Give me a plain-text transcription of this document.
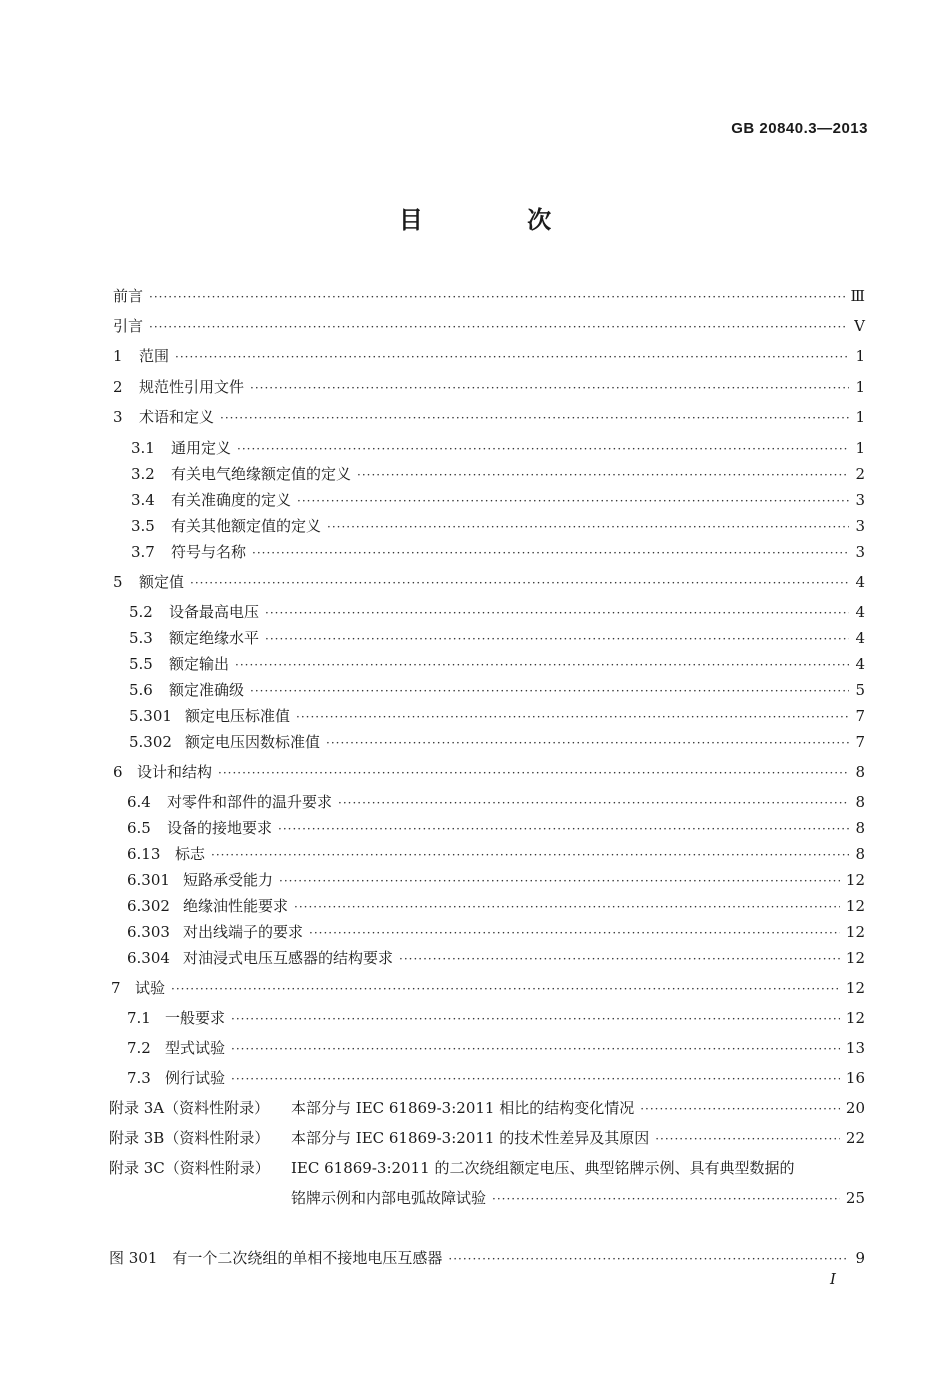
GB 20840.3—2013
目 次
前言 ·····	Ⅲ
引言 ·····	Ⅴ
1	范围 ·····	1
2	规范性引用文件 ·····	1
3	术语和定义 ·····	1
3.1	通用定义 ·····	1
3.2	有关电气绝缘额定值的定义 ·····	2
3.4	有关准确度的定义 ·····	3
3.5	有关其他额定值的定义 ·····	3
3.7	符号与名称 ·····	3
5	额定值 ·····	4
5.2	设备最高电压 ·····	4
5.3	额定绝缘水平 ·····	4
5.5	额定输出 ·····	4
5.6	额定准确级 ·····	5
5.301 额定电压标准值 ·····	7
5.302 额定电压因数标准值 ·····	7
6 设计和结构 ·····	8
6.4	对零件和部件的温升要求 ·····	8
6.5	设备的接地要求 ·····	8
6.13 标志 ·····	8
6.301 短路承受能力 ·····	12
6.302 绝缘油性能要求 ·····	12
6.303 对出线端子的要求 ·····	12
6.304 对油浸式电压互感器的结构要求 ·····	12
7 试验 ·····	12
7.1 一般要求 ·····	12
7.2 型式试验 ·····	13
7.3 例行试验 ·····	16
附录 3A（资料性附录）	本部分与 IEC 61869-3:2011 相比的结构变化情况 ·····	20
附录 3B（资料性附录）	本部分与 IEC 61869-3:2011 的技术性差异及其原因 ·····	22
附录 3C（资料性附录） IEC 61869-3:2011 的二次绕组额定电压、典型铭牌示例、具有典型数据的
铭牌示例和内部电弧故障试验 ·····	25
图 301　有一个二次绕组的单相不接地电压互感器 ·····	9
I
